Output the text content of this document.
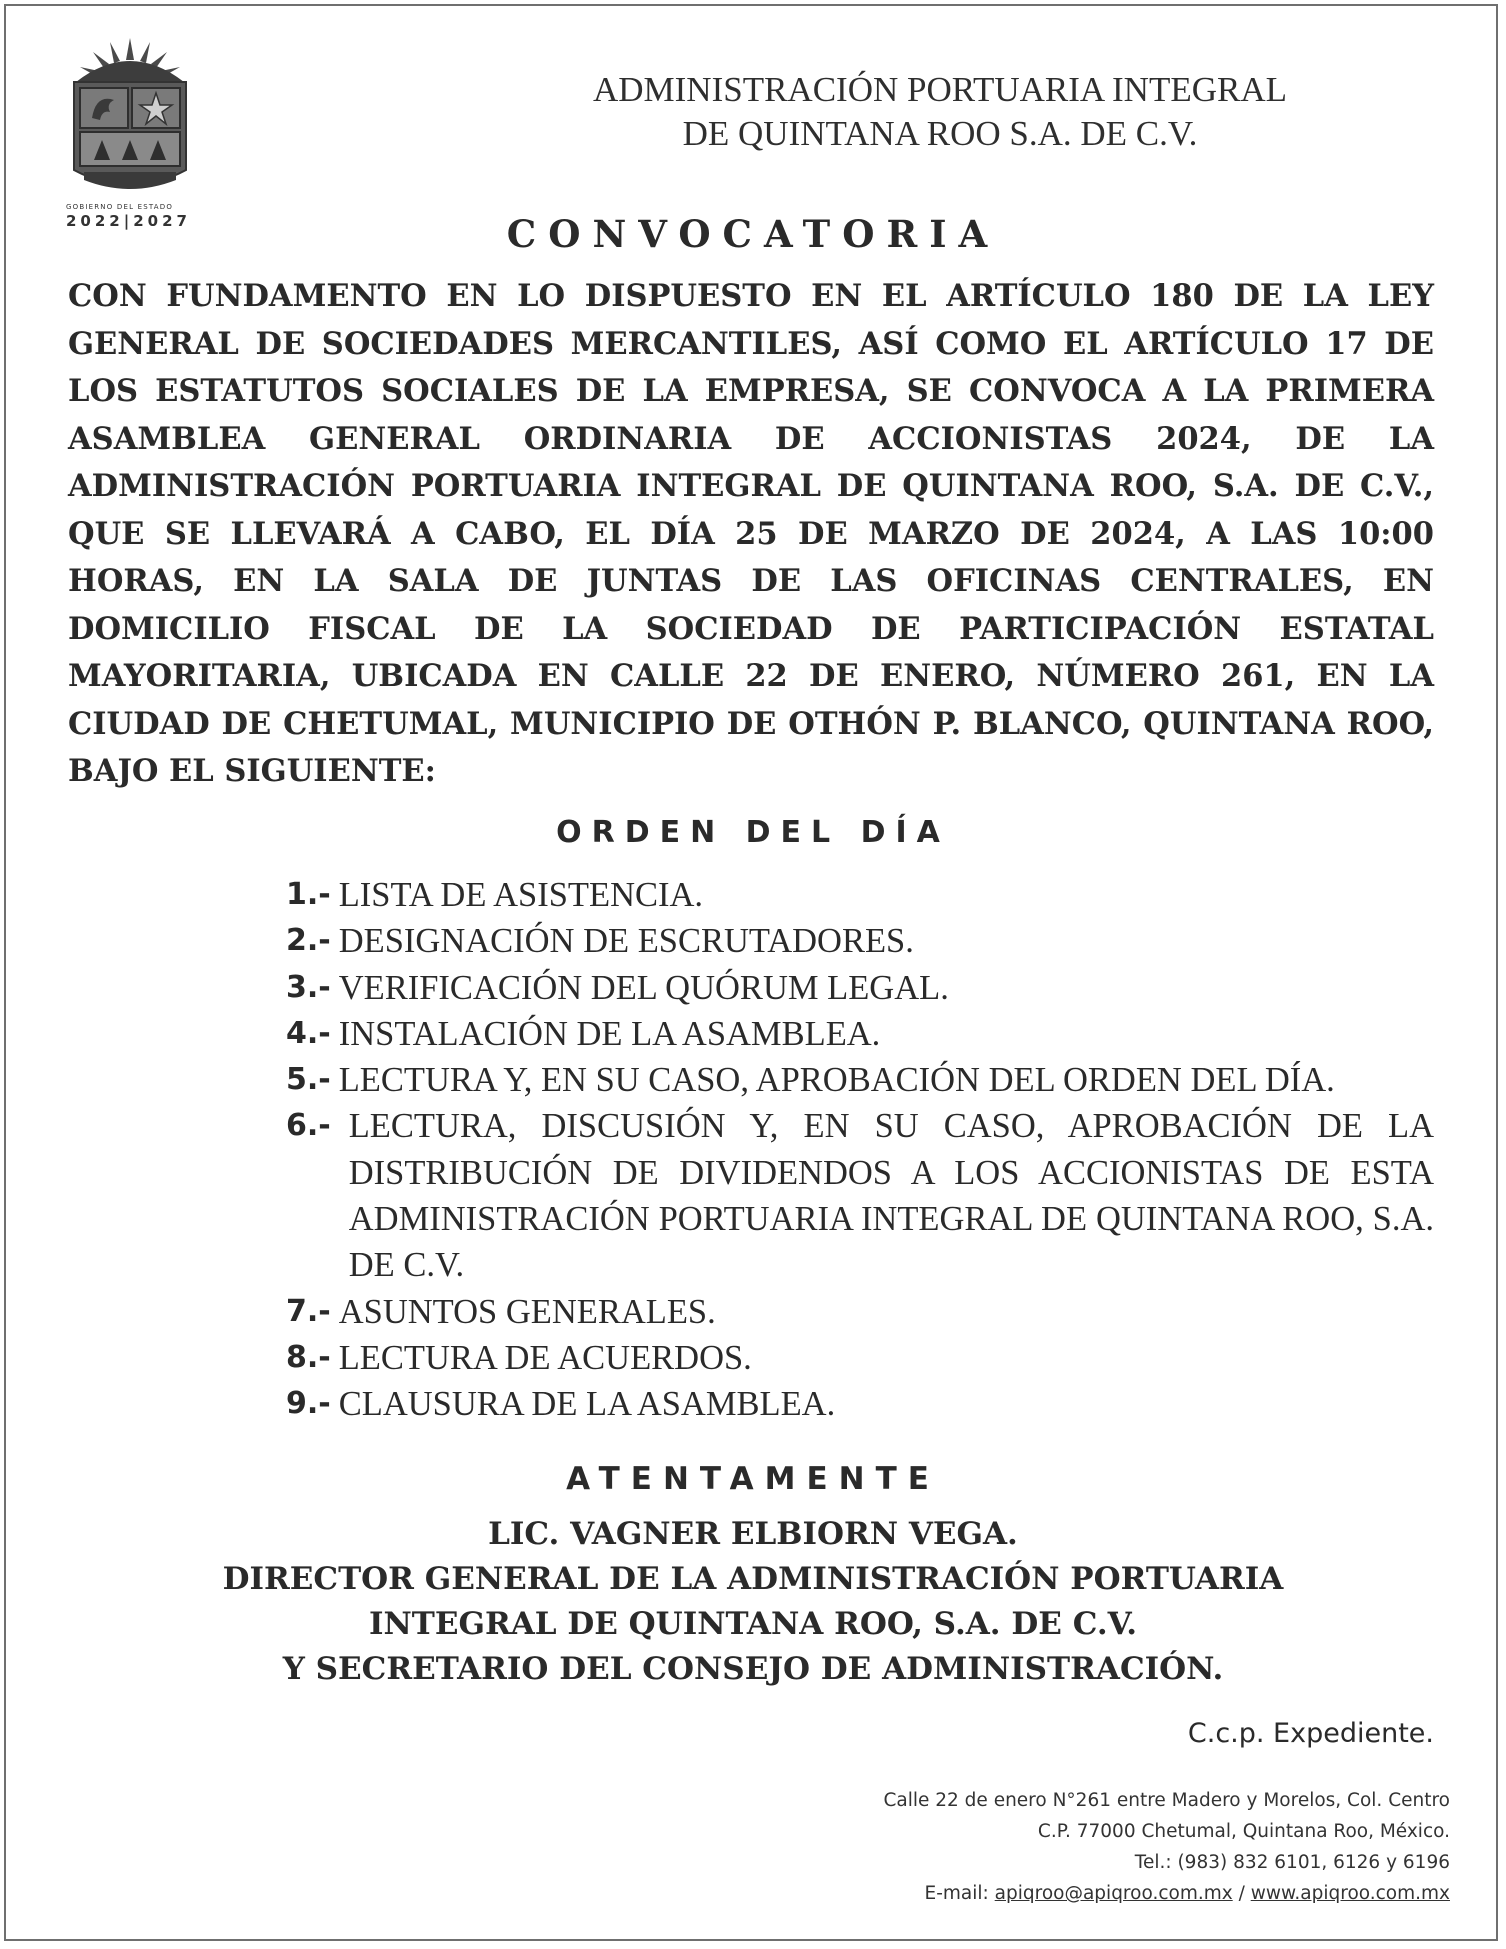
GOBIERNO DEL ESTADO
2022|2027
ADMINISTRACIÓN PORTUARIA INTEGRAL
DE QUINTANA ROO S.A. DE C.V.
CONVOCATORIA

CON FUNDAMENTO EN LO DISPUESTO EN EL ARTÍCULO 180 DE LA LEY GENERAL DE SOCIEDADES MERCANTILES, ASÍ COMO EL ARTÍCULO 17 DE LOS ESTATUTOS SOCIALES DE LA EMPRESA, SE CONVOCA A LA PRIMERA ASAMBLEA GENERAL ORDINARIA DE ACCIONISTAS 2024, DE LA ADMINISTRACIÓN PORTUARIA INTEGRAL DE QUINTANA ROO, S.A. DE C.V., QUE SE LLEVARÁ A CABO, EL DÍA 25 DE MARZO DE 2024, A LAS 10:00 HORAS, EN LA SALA DE JUNTAS DE LAS OFICINAS CENTRALES, EN DOMICILIO FISCAL DE LA SOCIEDAD DE PARTICIPACIÓN ESTATAL MAYORITARIA, UBICADA EN CALLE 22 DE ENERO, NÚMERO 261, EN LA CIUDAD DE CHETUMAL, MUNICIPIO DE OTHÓN P. BLANCO, QUINTANA ROO, BAJO EL SIGUIENTE:

ORDEN DEL DÍA
1.- LISTA DE ASISTENCIA.
2.- DESIGNACIÓN DE ESCRUTADORES.
3.- VERIFICACIÓN DEL QUÓRUM LEGAL.
4.- INSTALACIÓN DE LA ASAMBLEA.
5.- LECTURA Y, EN SU CASO, APROBACIÓN DEL ORDEN DEL DÍA.
6.- LECTURA, DISCUSIÓN Y, EN SU CASO, APROBACIÓN DE LA DISTRIBUCIÓN DE DIVIDENDOS A LOS ACCIONISTAS DE ESTA ADMINISTRACIÓN PORTUARIA INTEGRAL DE QUINTANA ROO, S.A. DE C.V.
7.- ASUNTOS GENERALES.
8.- LECTURA DE ACUERDOS.
9.- CLAUSURA DE LA ASAMBLEA.
ATENTAMENTE
LIC. VAGNER ELBIORN VEGA.
DIRECTOR GENERAL DE LA ADMINISTRACIÓN PORTUARIA
INTEGRAL DE QUINTANA ROO, S.A. DE C.V.
Y SECRETARIO DEL CONSEJO DE ADMINISTRACIÓN.
C.c.p. Expediente.
Calle 22 de enero N°261 entre Madero y Morelos, Col. Centro
C.P. 77000 Chetumal, Quintana Roo, México.
Tel.: (983) 832 6101, 6126 y 6196
E-mail: apiqroo@apiqroo.com.mx / www.apiqroo.com.mx
